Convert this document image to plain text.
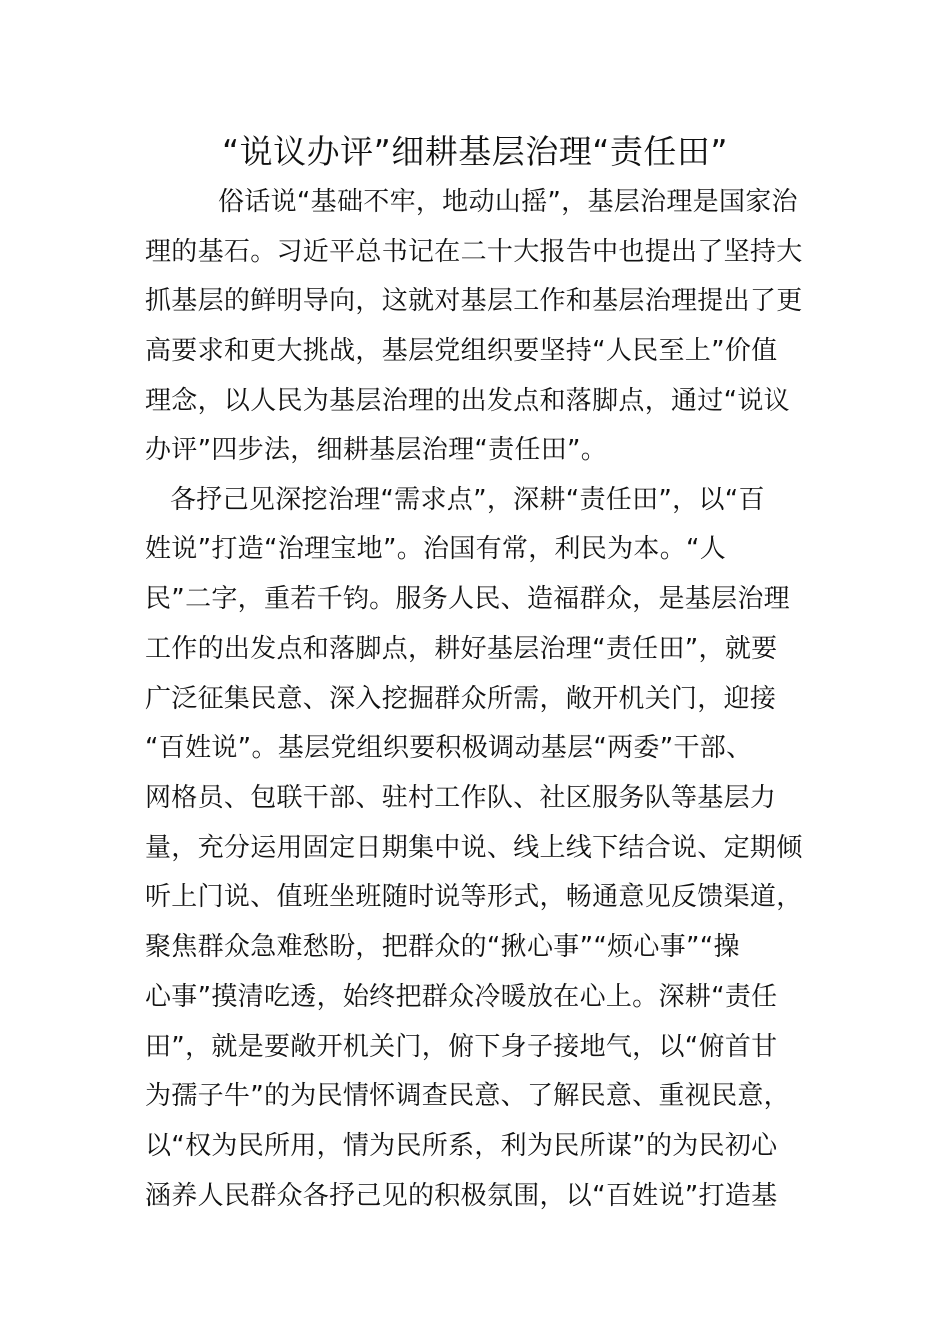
“说议办评”细耕基层治理“责任田”
俗话说“基础不牢，地动山摇”，基层治理是国家治
理的基石。习近平总书记在二十大报告中也提出了坚持大
抓基层的鲜明导向，这就对基层工作和基层治理提出了更
高要求和更大挑战，基层党组织要坚持“人民至上”价值
理念，以人民为基层治理的出发点和落脚点，通过“说议
办评”四步法，细耕基层治理“责任田”。
各抒己见深挖治理“需求点”，深耕“责任田”，以“百
姓说”打造“治理宝地”。治国有常，利民为本。“人
民”二字，重若千钧。服务人民、造福群众，是基层治理
工作的出发点和落脚点，耕好基层治理“责任田”，就要
广泛征集民意、深入挖掘群众所需，敞开机关门，迎接
“百姓说”。基层党组织要积极调动基层“两委”干部、
网格员、包联干部、驻村工作队、社区服务队等基层力
量，充分运用固定日期集中说、线上线下结合说、定期倾
听上门说、值班坐班随时说等形式，畅通意见反馈渠道，
聚焦群众急难愁盼，把群众的“揪心事”“烦心事”“操
心事”摸清吃透，始终把群众冷暖放在心上。深耕“责任
田”，就是要敞开机关门，俯下身子接地气，以“俯首甘
为孺子牛”的为民情怀调查民意、了解民意、重视民意，
以“权为民所用，情为民所系，利为民所谋”的为民初心
涵养人民群众各抒己见的积极氛围，以“百姓说”打造基
